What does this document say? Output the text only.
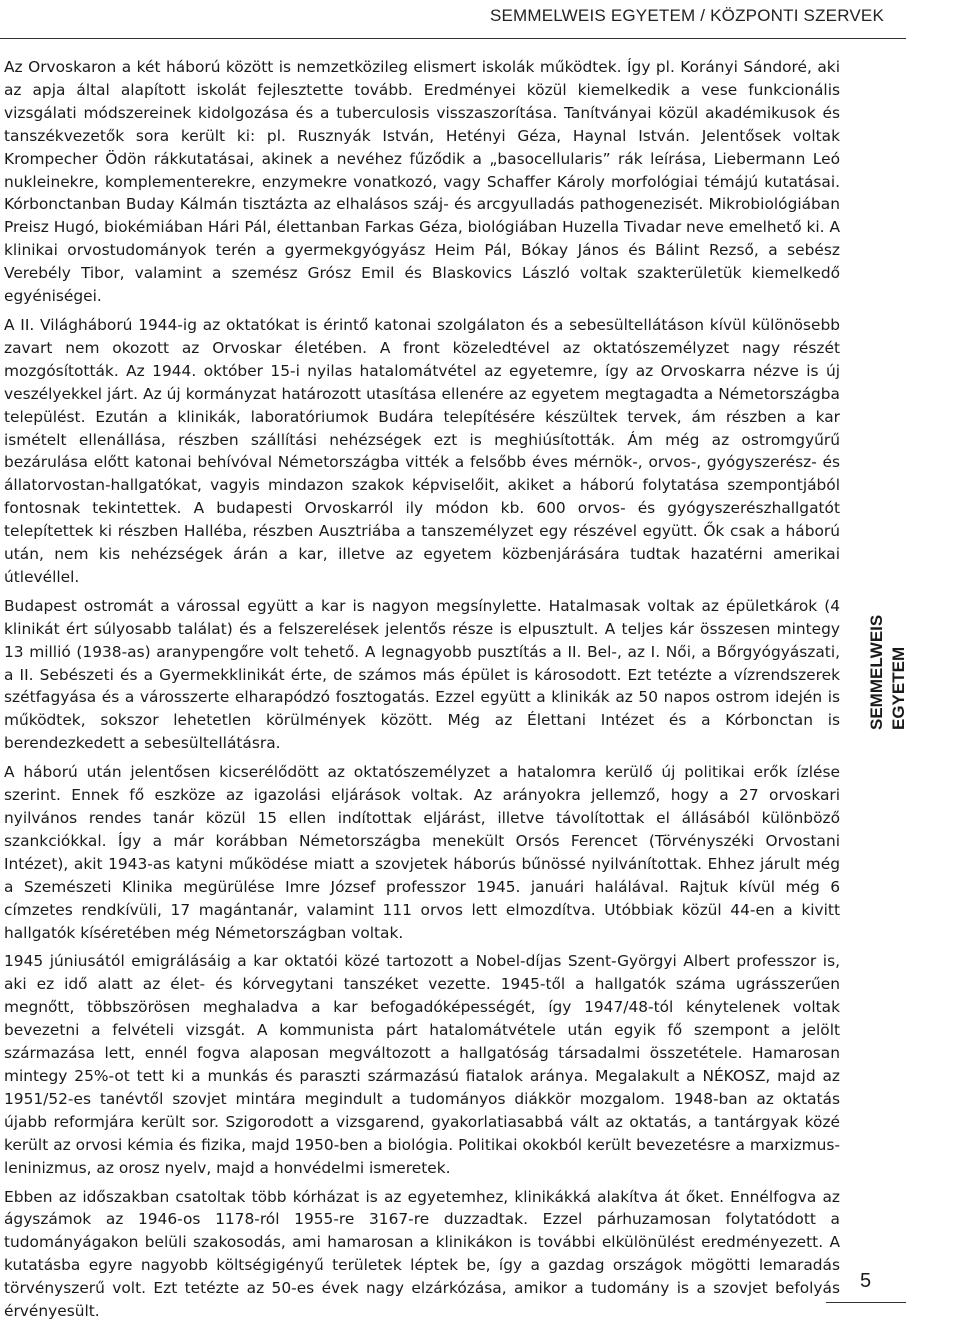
SEMMELWEIS EGYETEM / KÖZPONTI SZERVEK

Az Orvoskaron a két háború között is nemzetközileg elismert iskolák működtek. Így pl. Korányi Sándoré, aki az apja által alapított iskolát fejlesztette tovább. Eredményei közül kiemelkedik a vese funkcionális vizsgálati módszereinek kidolgozása és a tuberculosis visszaszorítása. Tanítványai közül akadémikusok és tanszékvezetők sora került ki: pl. Rusznyák István, Hetényi Géza, Haynal István. Jelentősek voltak Krompecher Ödön rákkutatásai, akinek a nevéhez fűződik a „basocellularis” rák leírása, Liebermann Leó nukleinekre, komplementerekre, enzymekre vonatkozó, vagy Schaffer Károly morfológiai témájú kutatásai. Kórbonctanban Buday Kálmán tisztázta az elhalásos száj- és arcgyulladás pathogenezisét. Mikrobiológiában Preisz Hugó, biokémiában Hári Pál, élettanban Farkas Géza, biológiában Huzella Tivadar neve emelhető ki. A klinikai orvostudományok terén a gyermekgyógyász Heim Pál, Bókay János és Bálint Rezső, a sebész Verebély Tibor, valamint a szemész Grósz Emil és Blaskovics László voltak szakterületük kiemelkedő egyéniségei.

A II. Világháború 1944-ig az oktatókat is érintő katonai szolgálaton és a sebesültellátáson kívül különösebb zavart nem okozott az Orvoskar életében. A front közeledtével az oktatószemélyzet nagy részét mozgósították. Az 1944. október 15-i nyilas hatalomátvétel az egyetemre, így az Orvoskarra nézve is új veszélyekkel járt. Az új kormányzat határozott utasítása ellenére az egyetem megtagadta a Németországba települést. Ezután a klinikák, laboratóriumok Budára telepítésére készültek tervek, ám részben a kar ismételt ellenállása, részben szállítási nehézségek ezt is meghiúsították. Ám még az ostromgyűrű bezárulása előtt katonai behívóval Németországba vitték a felsőbb éves mérnök-, orvos-, gyógyszerész- és állatorvostan-hallgatókat, vagyis mindazon szakok képviselőit, akiket a háború folytatása szempontjából fontosnak tekintettek. A budapesti Orvoskarról ily módon kb. 600 orvos- és gyógyszerészhallgatót telepítettek ki részben Halléba, részben Ausztriába a tanszemélyzet egy részével együtt. Ők csak a háború után, nem kis nehézségek árán a kar, illetve az egyetem közbenjárására tudtak hazatérni amerikai útlevéllel.

Budapest ostromát a várossal együtt a kar is nagyon megsínylette. Hatalmasak voltak az épületkárok (4 klinikát ért súlyosabb találat) és a felszerelések jelentős része is elpusztult. A teljes kár összesen mintegy 13 millió (1938-as) aranypengőre volt tehető. A legnagyobb pusztítás a II. Bel-, az I. Női, a Bőrgyógyászati, a II. Sebészeti és a Gyermekklinikát érte, de számos más épület is károsodott. Ezt tetézte a vízrendszerek szétfagyása és a városszerte elharapódzó fosztogatás. Ezzel együtt a klinikák az 50 napos ostrom idején is működtek, sokszor lehetetlen körülmények között. Még az Élettani Intézet és a Kórbonctan is berendezkedett a sebesültellátásra.

A háború után jelentősen kicserélődött az oktatószemélyzet a hatalomra kerülő új politikai erők ízlése szerint. Ennek fő eszköze az igazolási eljárások voltak. Az arányokra jellemző, hogy a 27 orvoskari nyilvános rendes tanár közül 15 ellen indítottak eljárást, illetve távolítottak el állásából különböző szankciókkal. Így a már korábban Németországba menekült Orsós Ferencet (Törvényszéki Orvostani Intézet), akit 1943-as katyni működése miatt a szovjetek háborús bűnössé nyilvánítottak. Ehhez járult még a Szemészeti Klinika megürülése Imre József professzor 1945. januári halálával. Rajtuk kívül még 6 címzetes rendkívüli, 17 magántanár, valamint 111 orvos lett elmozdítva. Utóbbiak közül 44-en a kivitt hallgatók kíséretében még Németországban voltak.

1945 júniusától emigrálásáig a kar oktatói közé tartozott a Nobel-díjas Szent-Györgyi Albert professzor is, aki ez idő alatt az élet- és kórvegytani tanszéket vezette. 1945-től a hallgatók száma ugrásszerűen megnőtt, többszörösen meghaladva a kar befogadóképességét, így 1947/48-tól kénytelenek voltak bevezetni a felvételi vizsgát. A kommunista párt hatalomátvétele után egyik fő szempont a jelölt származása lett, ennél fogva alaposan megváltozott a hallgatóság társadalmi összetétele. Hamarosan mintegy 25%-ot tett ki a munkás és paraszti származású fiatalok aránya. Megalakult a NÉKOSZ, majd az 1951/52-es tanévtől szovjet mintára megindult a tudományos diákkör mozgalom. 1948-ban az oktatás újabb reformjára került sor. Szigorodott a vizsgarend, gyakorlatiasabbá vált az oktatás, a tantárgyak közé került az orvosi kémia és fizika, majd 1950-ben a biológia. Politikai okokból került bevezetésre a marxizmus-leninizmus, az orosz nyelv, majd a honvédelmi ismeretek.

Ebben az időszakban csatoltak több kórházat is az egyetemhez, klinikákká alakítva át őket. Ennélfogva az ágyszámok az 1946-os 1178-ról 1955-re 3167-re duzzadtak. Ezzel párhuzamosan folytatódott a tudományágakon belüli szakosodás, ami hamarosan a klinikákon is további elkülönülést eredményezett. A kutatásba egyre nagyobb költségigényű területek léptek be, így a gazdag országok mögötti lemaradás törvényszerű volt. Ezt tetézte az 50-es évek nagy elzárkózása, amikor a tudomány is a szovjet befolyás érvényesült.

SEMMELWEIS EGYETEM
5
